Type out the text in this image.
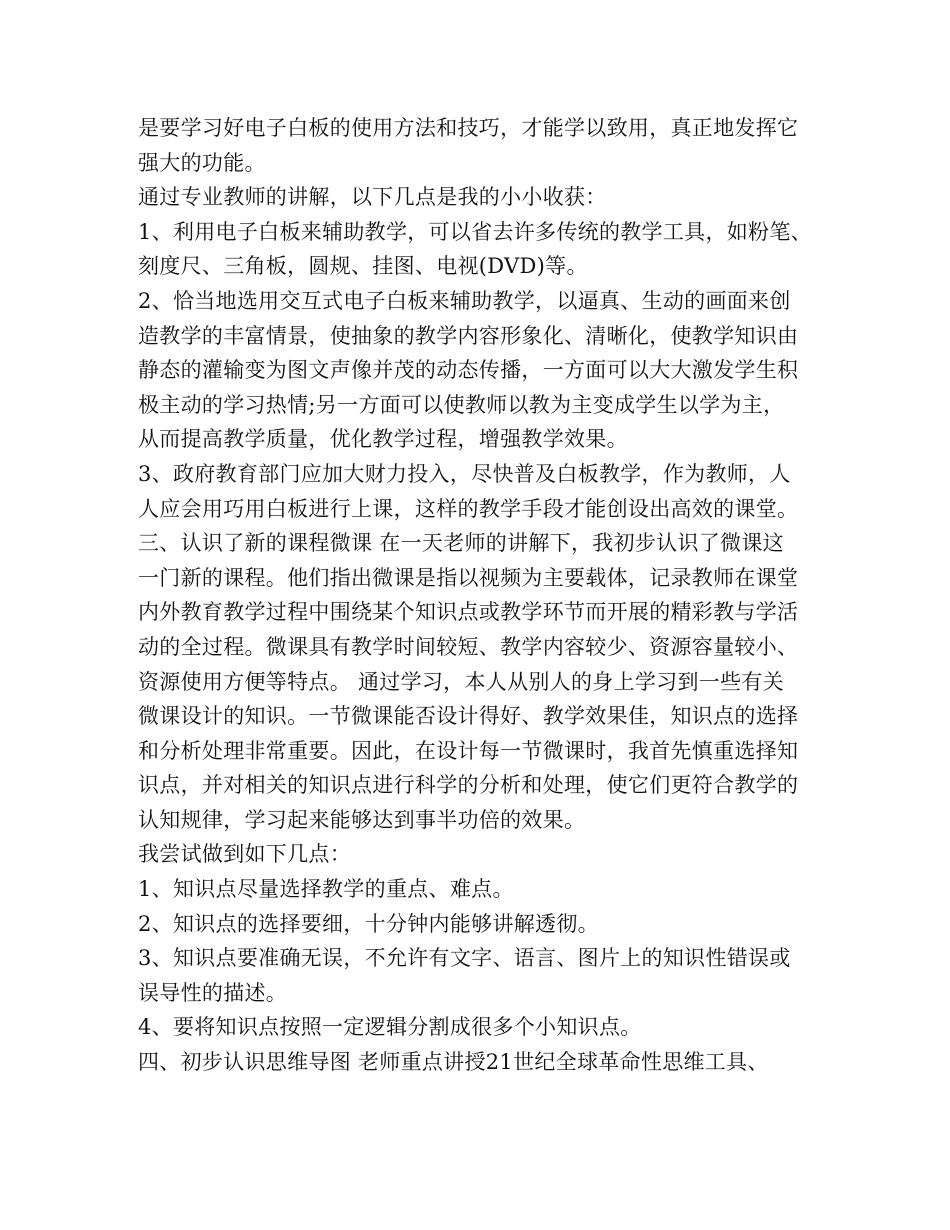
是要学习好电子白板的使用方法和技巧，才能学以致用，真正地发挥它
强大的功能。
通过专业教师的讲解，以下几点是我的小小收获：
1、利用电子白板来辅助教学，可以省去许多传统的教学工具，如粉笔、
刻度尺、三角板，圆规、挂图、电视(DVD)等。
2、恰当地选用交互式电子白板来辅助教学，以逼真、生动的画面来创
造教学的丰富情景，使抽象的教学内容形象化、清晰化，使教学知识由
静态的灌输变为图文声像并茂的动态传播，一方面可以大大激发学生积
极主动的学习热情;另一方面可以使教师以教为主变成学生以学为主，
从而提高教学质量，优化教学过程，增强教学效果。
3、政府教育部门应加大财力投入，尽快普及白板教学，作为教师，人
人应会用巧用白板进行上课，这样的教学手段才能创设出高效的课堂。
三、认识了新的课程微课 在一天老师的讲解下，我初步认识了微课这
一门新的课程。他们指出微课是指以视频为主要载体，记录教师在课堂
内外教育教学过程中围绕某个知识点或教学环节而开展的精彩教与学活
动的全过程。微课具有教学时间较短、教学内容较少、资源容量较小、
资源使用方便等特点。 通过学习，本人从别人的身上学习到一些有关
微课设计的知识。一节微课能否设计得好、教学效果佳，知识点的选择
和分析处理非常重要。因此，在设计每一节微课时，我首先慎重选择知
识点，并对相关的知识点进行科学的分析和处理，使它们更符合教学的
认知规律，学习起来能够达到事半功倍的效果。
我尝试做到如下几点：
1、知识点尽量选择教学的重点、难点。
2、知识点的选择要细，十分钟内能够讲解透彻。
3、知识点要准确无误，不允许有文字、语言、图片上的知识性错误或
误导性的描述。
4、要将知识点按照一定逻辑分割成很多个小知识点。
四、初步认识思维导图 老师重点讲授21世纪全球革命性思维工具、
